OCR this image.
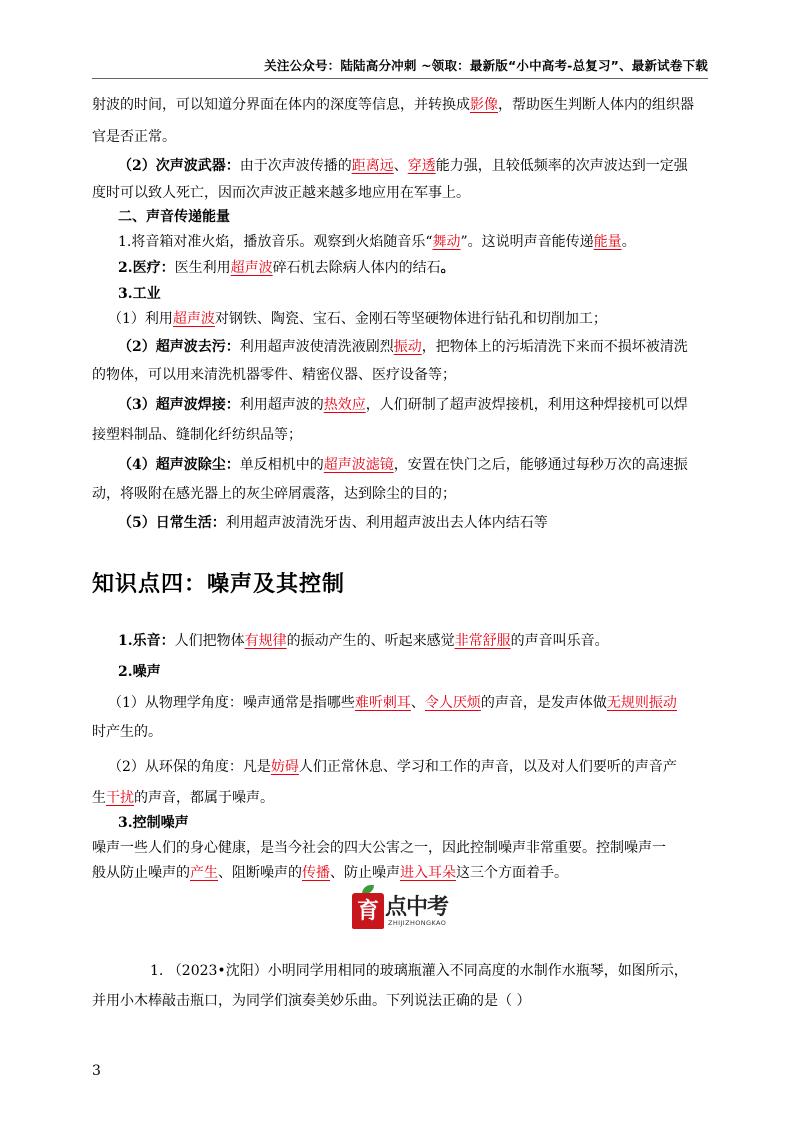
关注公众号：陆陆高分冲刺 ~领取：最新版“小中高考-总复习”、最新试卷下载
射波的时间，可以知道分界面在体内的深度等信息，并转换成影像，帮助医生判断人体内的组织器
官是否正常。
（2）次声波武器：由于次声波传播的距离远、穿透能力强，且较低频率的次声波达到一定强
度时可以致人死亡，因而次声波正越来越多地应用在军事上。
二、声音传递能量
1.将音箱对准火焰，播放音乐。观察到火焰随音乐“舞动”。这说明声音能传递能量。
2.医疗：医生利用超声波碎石机去除病人体内的结石。
3.工业
（1）利用超声波对钢铁、陶瓷、宝石、金刚石等坚硬物体进行钻孔和切削加工；
（2）超声波去污：利用超声波使清洗液剧烈振动，把物体上的污垢清洗下来而不损坏被清洗
的物体，可以用来清洗机器零件、精密仪器、医疗设备等；
（3）超声波焊接：利用超声波的热效应，人们研制了超声波焊接机，利用这种焊接机可以焊
接塑料制品、缝制化纤纺织品等；
（4）超声波除尘：单反相机中的超声波滤镜，安置在快门之后，能够通过每秒万次的高速振
动，将吸附在感光器上的灰尘碎屑震落，达到除尘的目的；
（5）日常生活：利用超声波清洗牙齿、利用超声波出去人体内结石等
知识点四：噪声及其控制
1.乐音：人们把物体有规律的振动产生的、听起来感觉非常舒服的声音叫乐音。
2.噪声
（1）从物理学角度：噪声通常是指哪些难听刺耳、令人厌烦的声音，是发声体做无规则振动
时产生的。
（2）从环保的角度：凡是妨碍人们正常休息、学习和工作的声音，以及对人们要听的声音产
生干扰的声音，都属于噪声。
3.控制噪声
噪声一些人们的身心健康，是当今社会的四大公害之一，因此控制噪声非常重要。控制噪声一
般从防止噪声的产生、阻断噪声的传播、防止噪声进入耳朵这三个方面着手。
育 点中考
ZHIJIZHONGKAO
1. （2023•沈阳）小明同学用相同的玻璃瓶灌入不同高度的水制作水瓶琴，如图所示，
并用小木棒敲击瓶口，为同学们演奏美妙乐曲。下列说法正确的是（ ）
3
